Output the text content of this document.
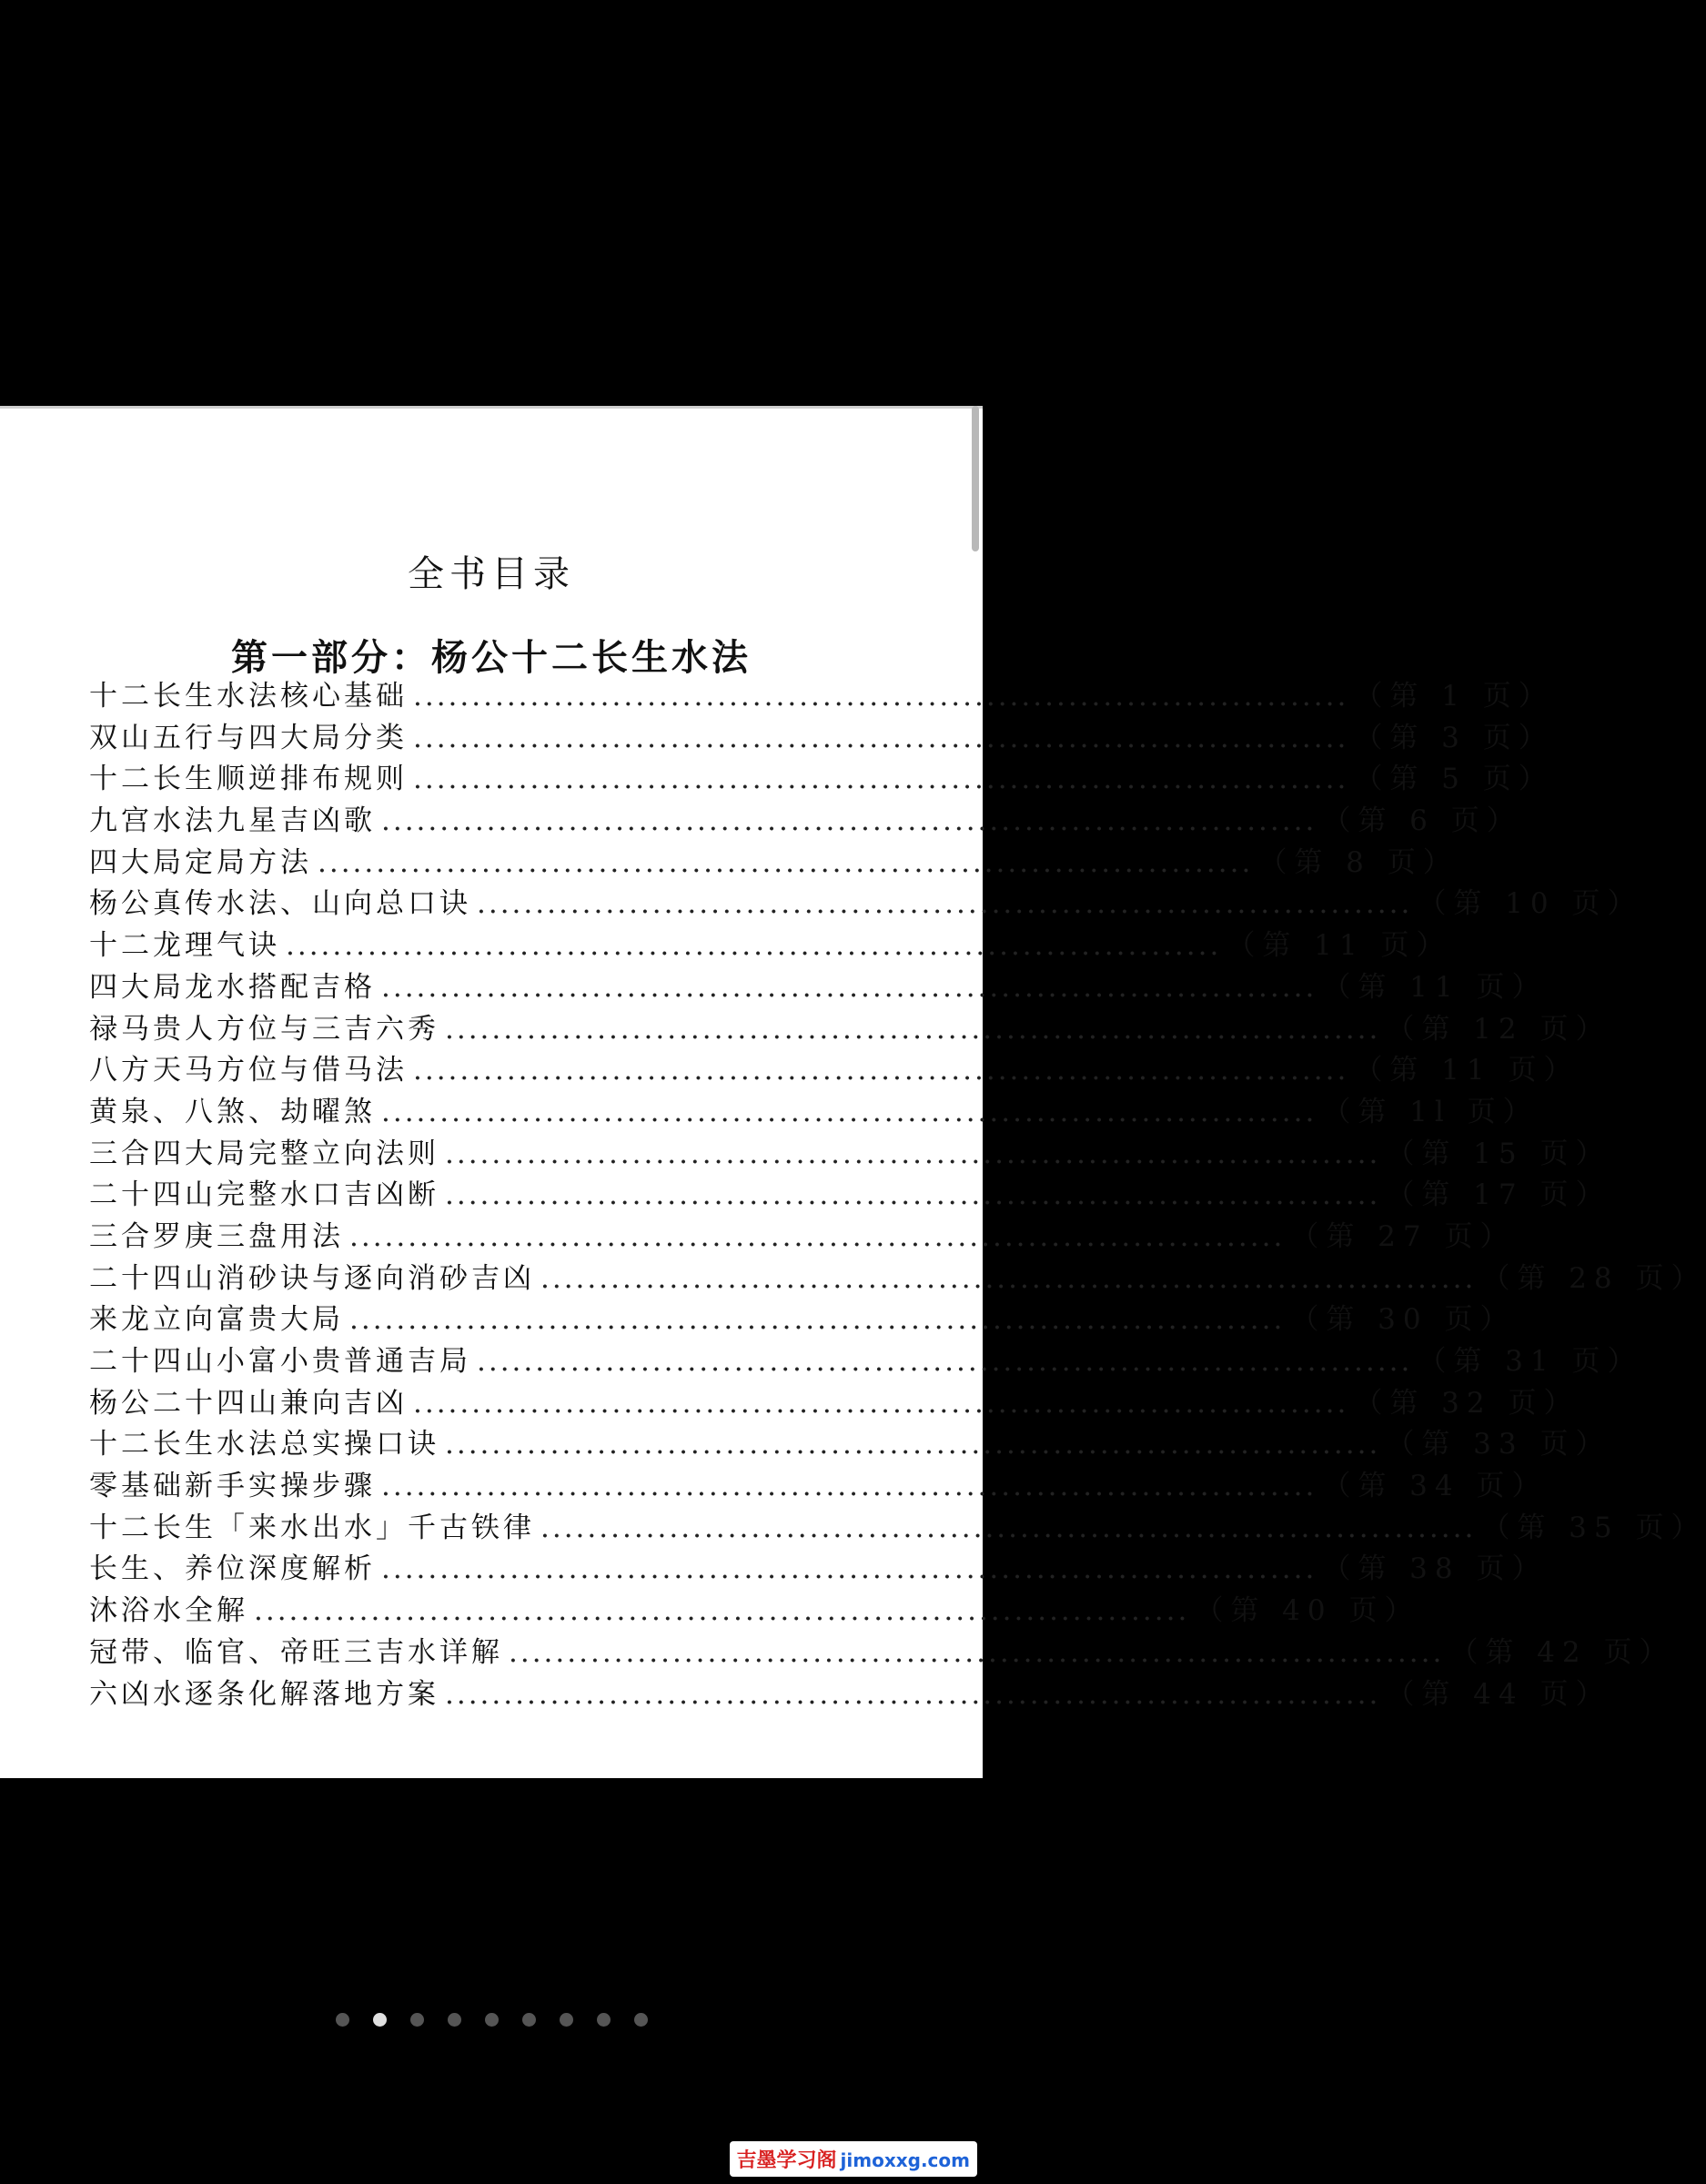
全书目录
第一部分：杨公十二长生水法
十二长生水法核心基础 ................................................................................ （第 1 页）
双山五行与四大局分类 ................................................................................ （第 3 页）
十二长生顺逆排布规则 ................................................................................ （第 5 页）
九宫水法九星吉凶歌 ................................................................................ （第 6 页）
四大局定局方法 ................................................................................ （第 8 页）
杨公真传水法、山向总口诀 ................................................................................ （第 10 页）
十二龙理气诀 ................................................................................ （第 11 页）
四大局龙水搭配吉格 ................................................................................ （第 11 页）
禄马贵人方位与三吉六秀 ................................................................................ （第 12 页）
八方天马方位与借马法 ................................................................................ （第 11 页）
黄泉、八煞、劫曜煞 ................................................................................ （第 1l 页）
三合四大局完整立向法则 ................................................................................ （第 15 页）
二十四山完整水口吉凶断 ................................................................................ （第 17 页）
三合罗庚三盘用法 ................................................................................ （第 27 页）
二十四山消砂诀与逐向消砂吉凶 ................................................................................ （第 28 页）
来龙立向富贵大局 ................................................................................ （第 30 页）
二十四山小富小贵普通吉局 ................................................................................ （第 31 页）
杨公二十四山兼向吉凶 ................................................................................ （第 32 页）
十二长生水法总实操口诀 ................................................................................ （第 33 页）
零基础新手实操步骤 ................................................................................ （第 34 页）
十二长生「来水出水」千古铁律 ................................................................................ （第 35 页）
长生、养位深度解析 ................................................................................ （第 38 页）
沐浴水全解 ................................................................................ （第 40 页）
冠带、临官、帝旺三吉水详解 ................................................................................ （第 42 页）
六凶水逐条化解落地方案 ................................................................................ （第 44 页）
吉墨学习阁 jimoxxg.com
